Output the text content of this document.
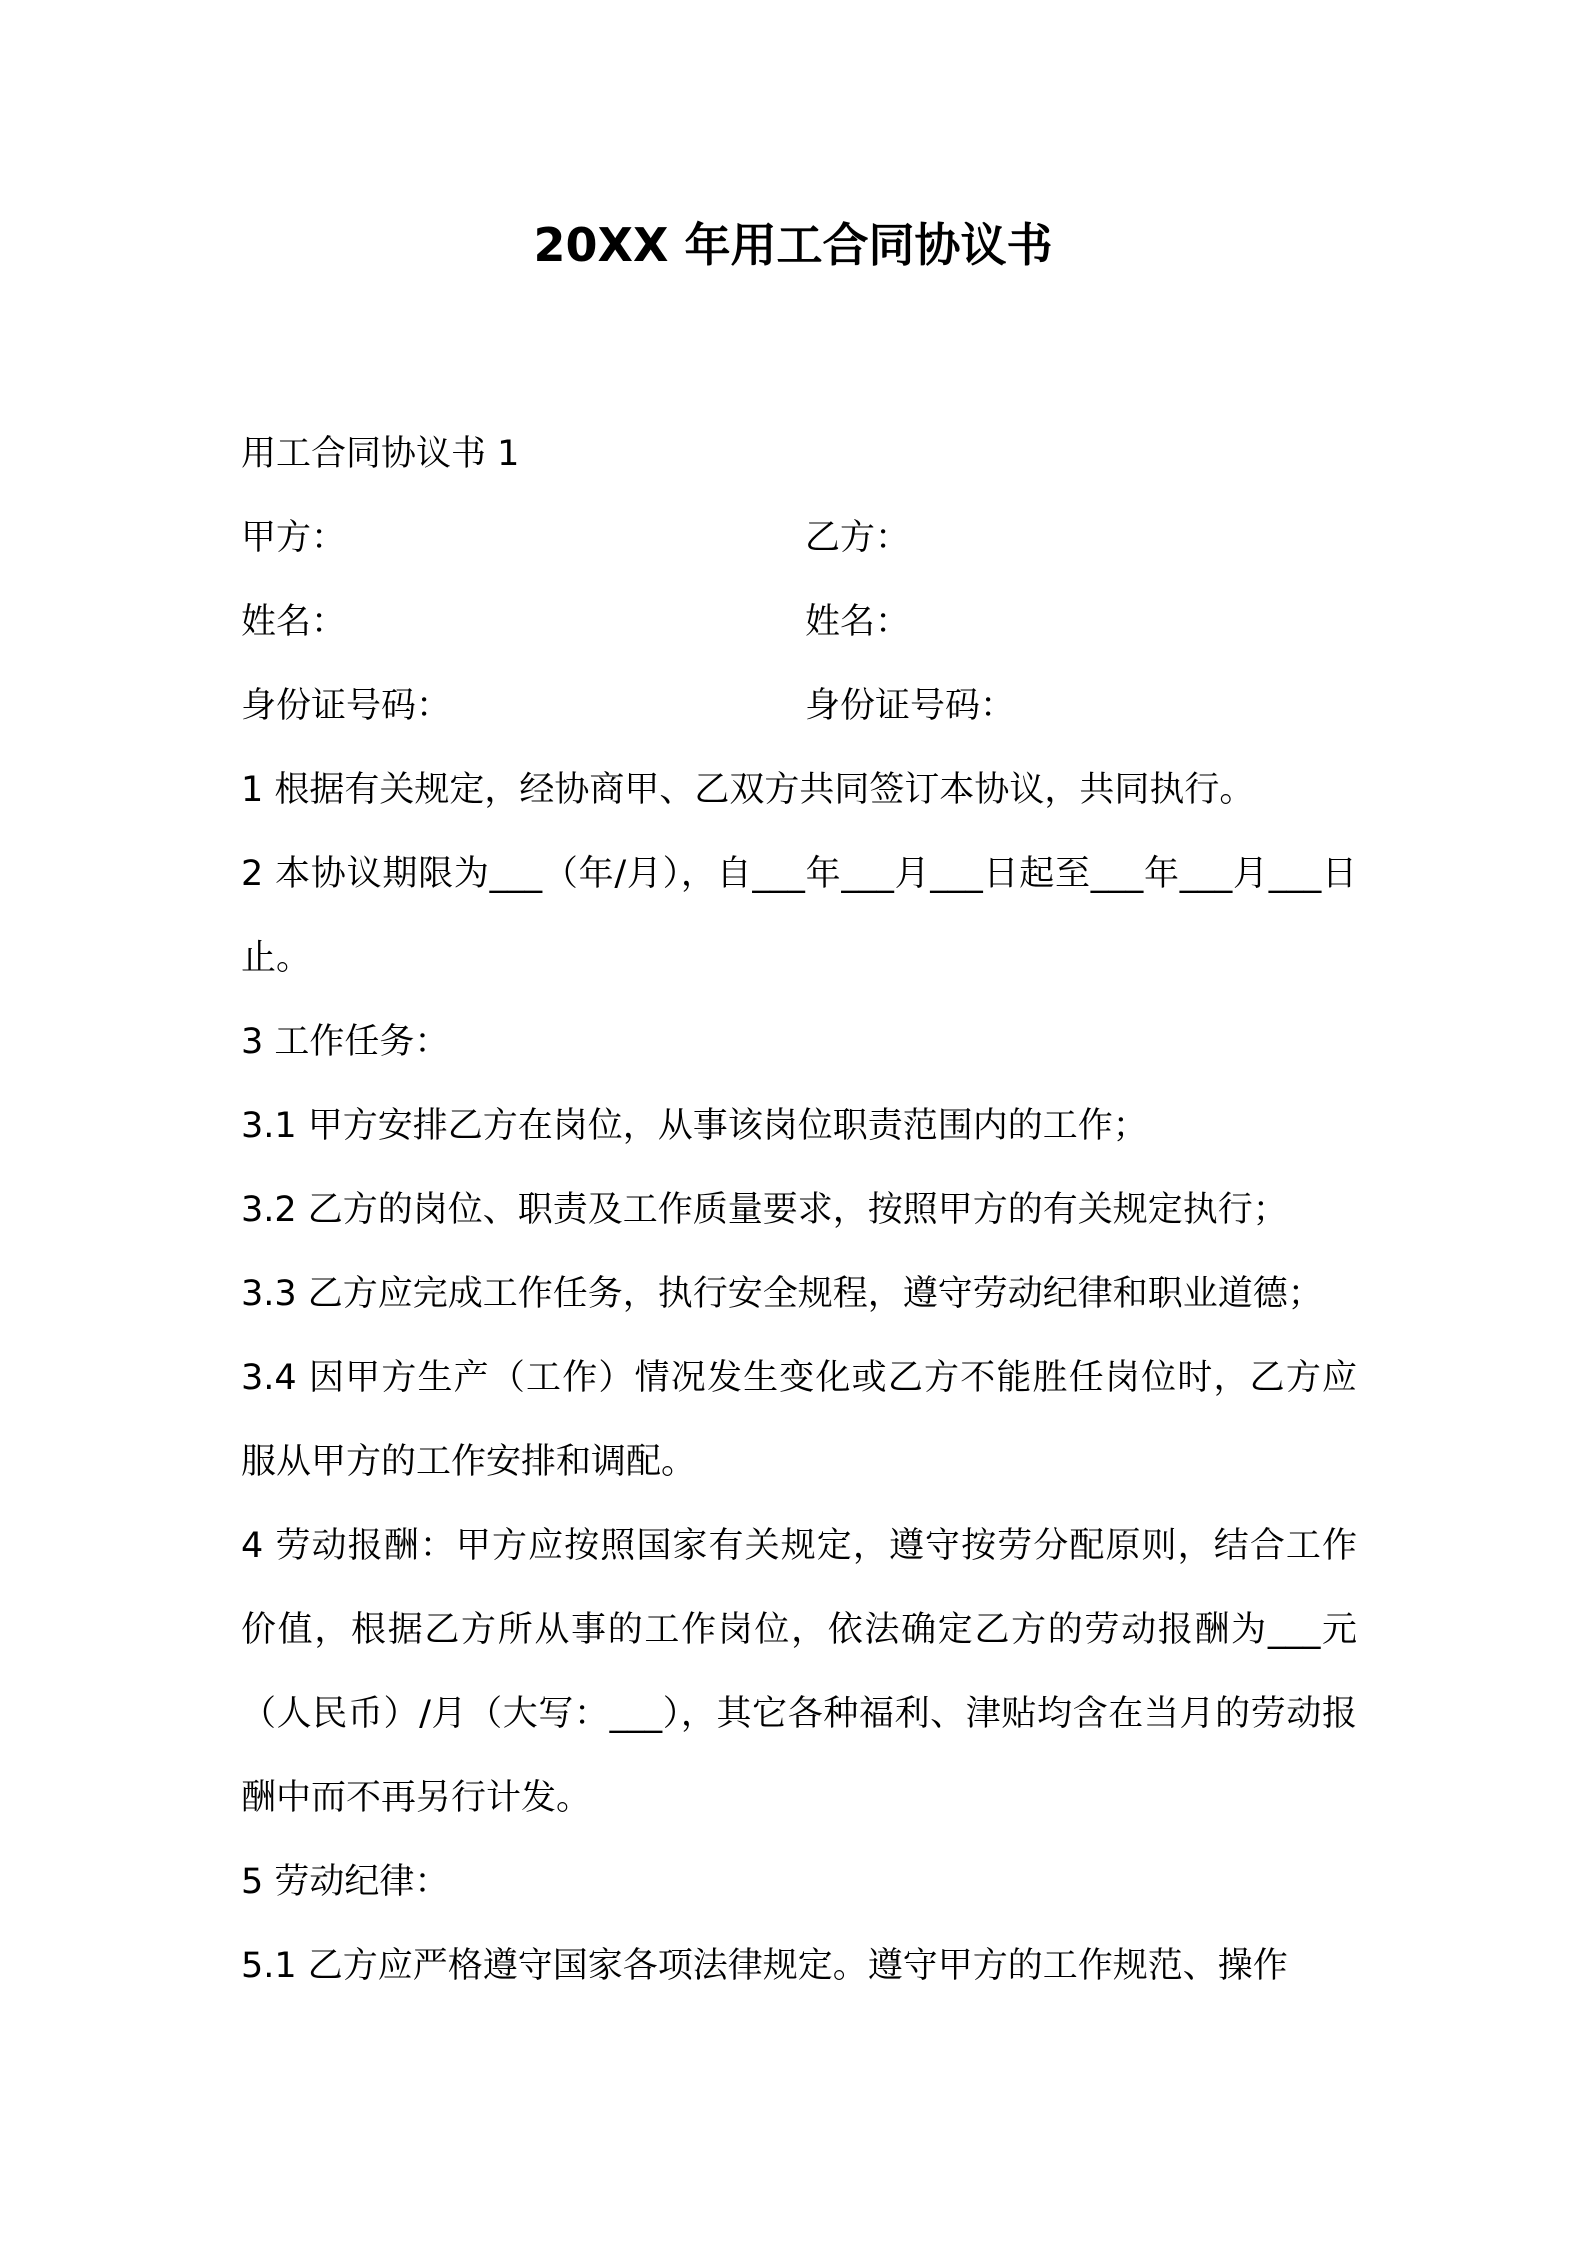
20XX 年用工合同协议书

用工合同协议书 1

甲方：	乙方：
姓名：	姓名：
身份证号码：	身份证号码：

1 根据有关规定，经协商甲、乙双方共同签订本协议，共同执行。

2 本协议期限为___（年/月），自___年___月___日起至___年___月___日止。

3 工作任务：

3.1 甲方安排乙方在岗位，从事该岗位职责范围内的工作；

3.2 乙方的岗位、职责及工作质量要求，按照甲方的有关规定执行；

3.3 乙方应完成工作任务，执行安全规程，遵守劳动纪律和职业道德；

3.4 因甲方生产（工作）情况发生变化或乙方不能胜任岗位时，乙方应服从甲方的工作安排和调配。

4 劳动报酬：甲方应按照国家有关规定，遵守按劳分配原则，结合工作价值，根据乙方所从事的工作岗位，依法确定乙方的劳动报酬为___元（人民币）/月（大写：___），其它各种福利、津贴均含在当月的劳动报酬中而不再另行计发。

5 劳动纪律：

5.1 乙方应严格遵守国家各项法律规定。遵守甲方的工作规范、操作
